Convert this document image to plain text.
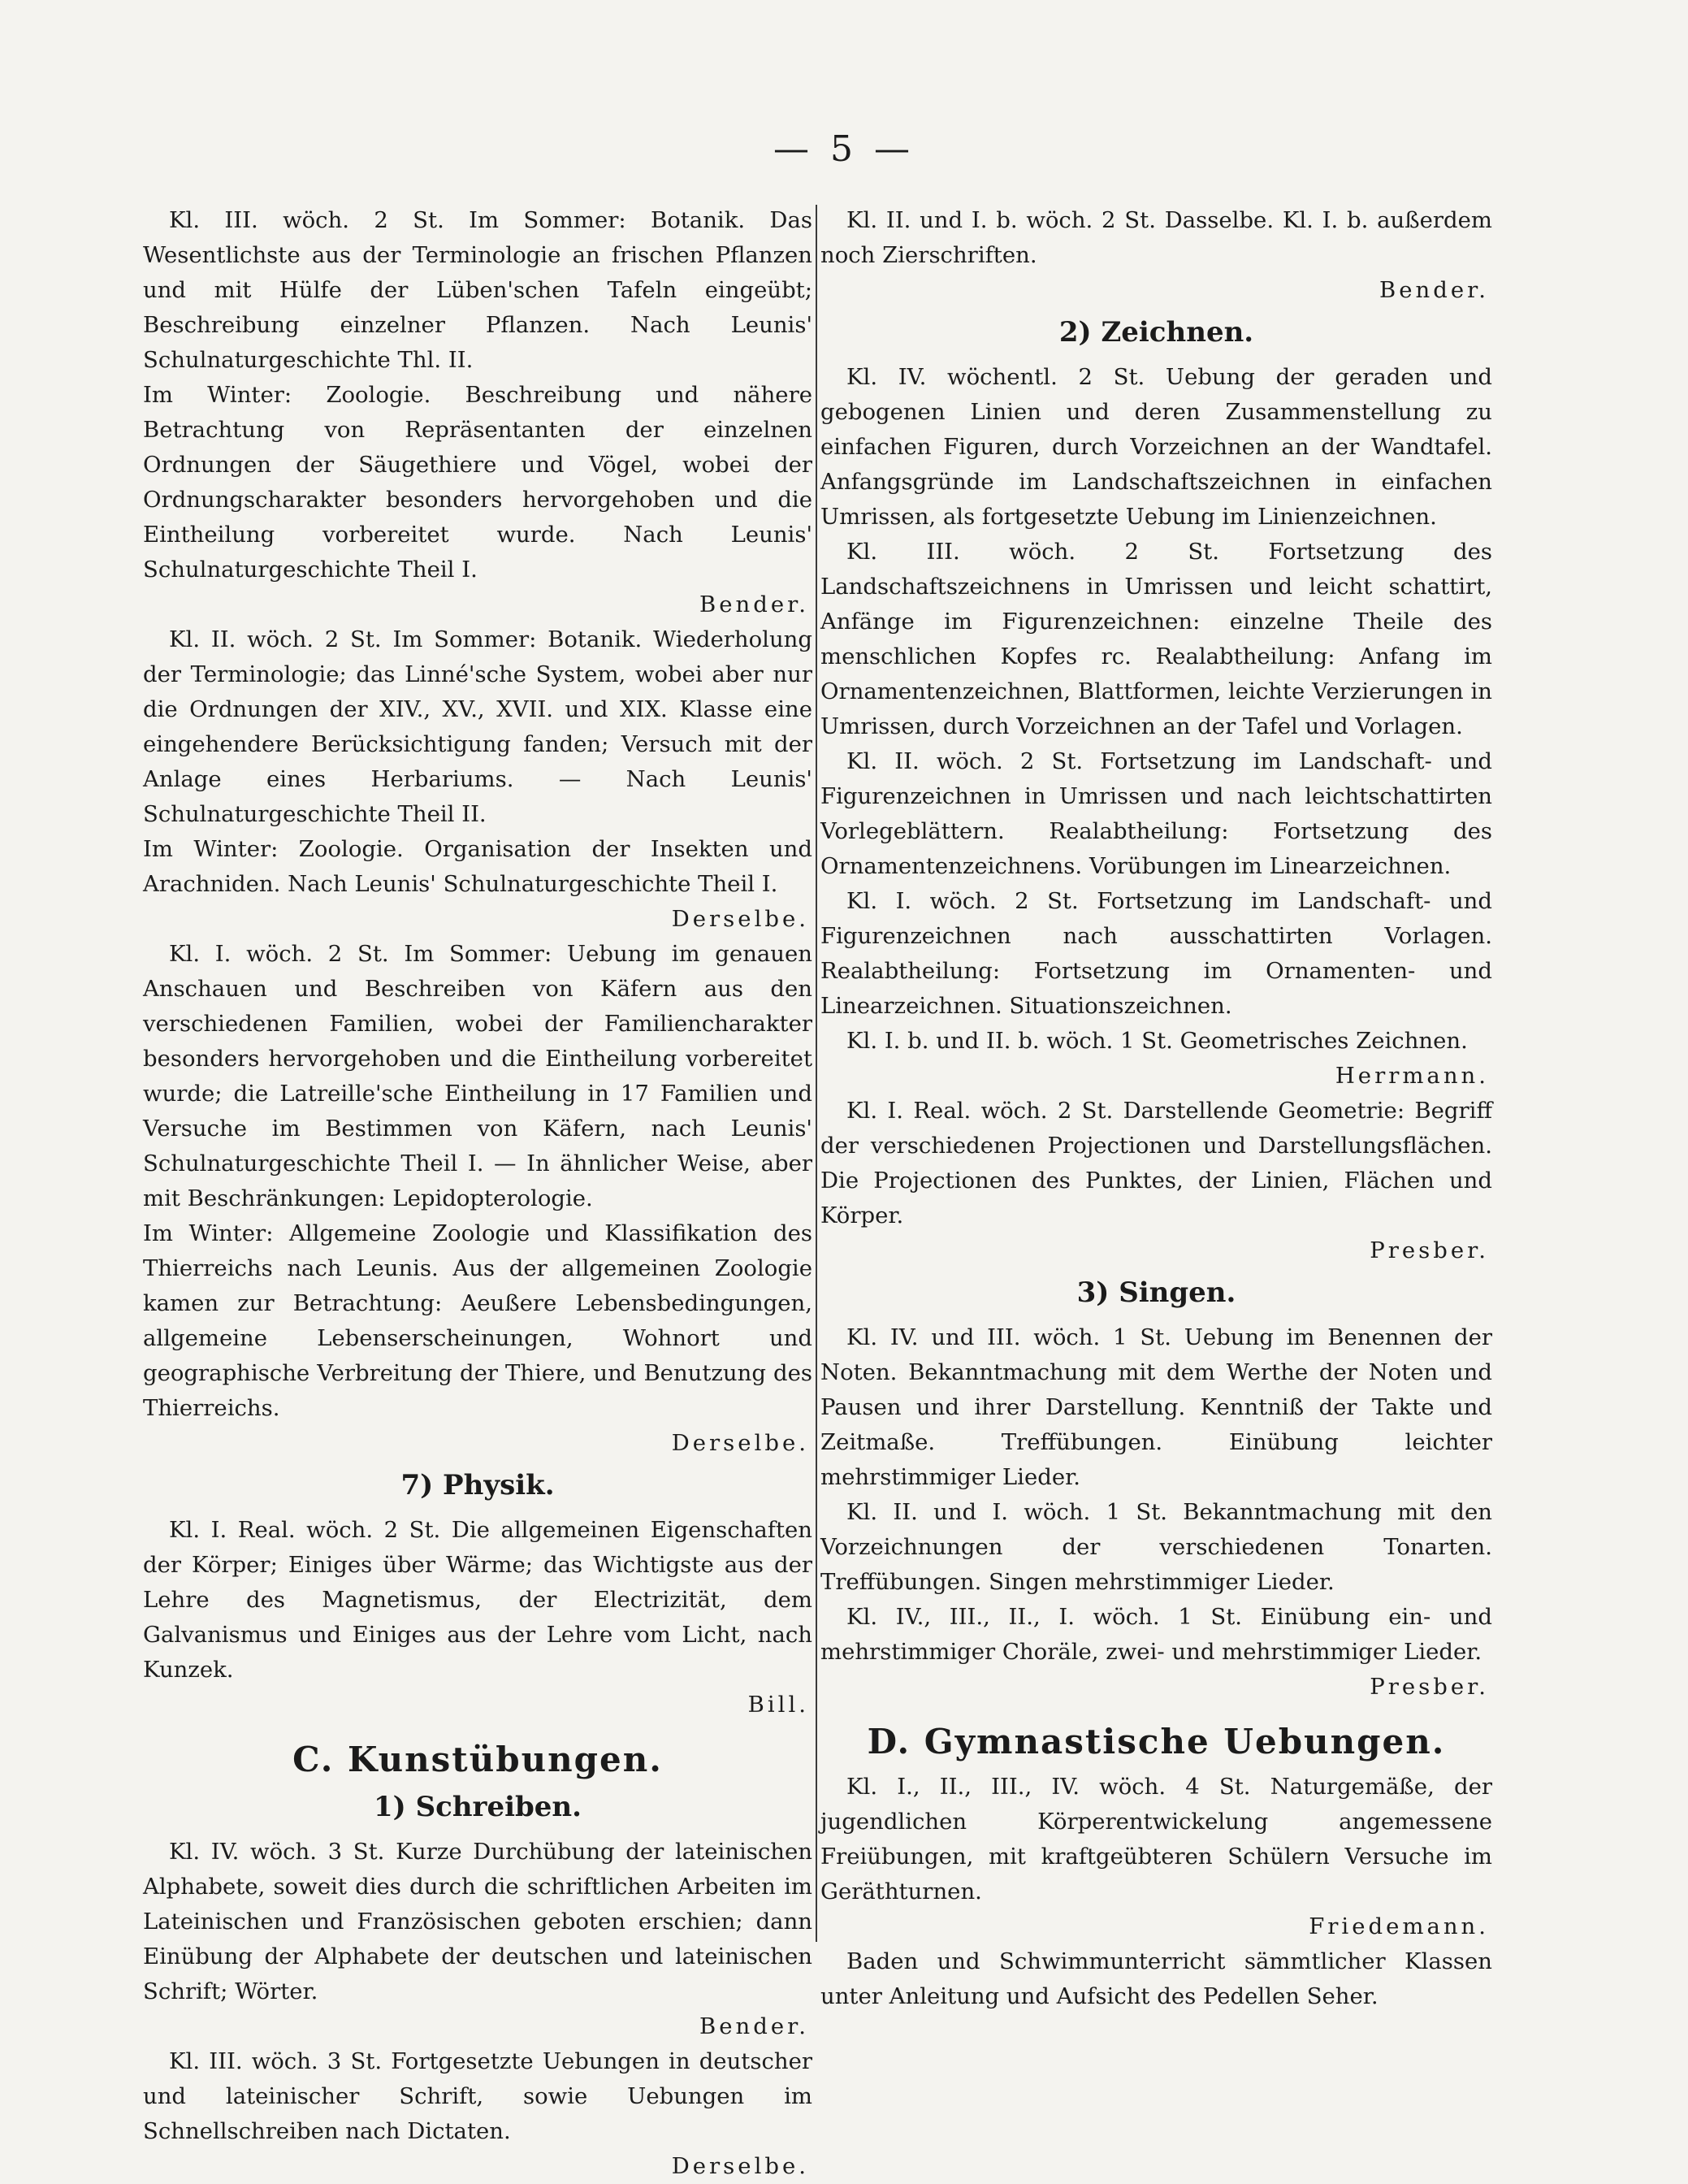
— 5 —

Kl. III. wöch. 2 St. Im Sommer: Botanik. Das Wesentlichste aus der Terminologie an frischen Pflanzen und mit Hülfe der Lüben'schen Tafeln eingeübt; Beschreibung einzelner Pflanzen. Nach Leunis' Schulnaturgeschichte Thl. II.

Im Winter: Zoologie. Beschreibung und nähere Betrachtung von Repräsentanten der einzelnen Ordnungen der Säugethiere und Vögel, wobei der Ordnungscharakter besonders hervorgehoben und die Eintheilung vorbereitet wurde. Nach Leunis' Schulnaturgeschichte Theil I.

Bender.

Kl. II. wöch. 2 St. Im Sommer: Botanik. Wiederholung der Terminologie; das Linné'sche System, wobei aber nur die Ordnungen der XIV., XV., XVII. und XIX. Klasse eine eingehendere Berücksichtigung fanden; Versuch mit der Anlage eines Herbariums. — Nach Leunis' Schulnaturgeschichte Theil II.

Im Winter: Zoologie. Organisation der Insekten und Arachniden. Nach Leunis' Schulnaturgeschichte Theil I.

Derselbe.

Kl. I. wöch. 2 St. Im Sommer: Uebung im genauen Anschauen und Beschreiben von Käfern aus den verschiedenen Familien, wobei der Familiencharakter besonders hervorgehoben und die Eintheilung vorbereitet wurde; die Latreille'sche Eintheilung in 17 Familien und Versuche im Bestimmen von Käfern, nach Leunis' Schulnaturgeschichte Theil I. — In ähnlicher Weise, aber mit Beschränkungen: Lepidopterologie.

Im Winter: Allgemeine Zoologie und Klassifikation des Thierreichs nach Leunis. Aus der allgemeinen Zoologie kamen zur Betrachtung: Aeußere Lebensbedingungen, allgemeine Lebenserscheinungen, Wohnort und geographische Verbreitung der Thiere, und Benutzung des Thierreichs.

Derselbe.

7) Physik.

Kl. I. Real. wöch. 2 St. Die allgemeinen Eigenschaften der Körper; Einiges über Wärme; das Wichtigste aus der Lehre des Magnetismus, der Electrizität, dem Galvanismus und Einiges aus der Lehre vom Licht, nach Kunzek.

Bill.

C. Kunstübungen.
1) Schreiben.

Kl. IV. wöch. 3 St. Kurze Durchübung der lateinischen Alphabete, soweit dies durch die schriftlichen Arbeiten im Lateinischen und Französischen geboten erschien; dann Einübung der Alphabete der deutschen und lateinischen Schrift; Wörter.

Bender.

Kl. III. wöch. 3 St. Fortgesetzte Uebungen in deutscher und lateinischer Schrift, sowie Uebungen im Schnellschreiben nach Dictaten.

Derselbe.

Kl. II. und I. b. wöch. 2 St. Dasselbe. Kl. I. b. außerdem noch Zierschriften.

Bender.

2) Zeichnen.

Kl. IV. wöchentl. 2 St. Uebung der geraden und gebogenen Linien und deren Zusammenstellung zu einfachen Figuren, durch Vorzeichnen an der Wandtafel. Anfangsgründe im Landschaftszeichnen in einfachen Umrissen, als fortgesetzte Uebung im Linienzeichnen.

Kl. III. wöch. 2 St. Fortsetzung des Landschaftszeichnens in Umrissen und leicht schattirt, Anfänge im Figurenzeichnen: einzelne Theile des menschlichen Kopfes rc. Realabtheilung: Anfang im Ornamentenzeichnen, Blattformen, leichte Verzierungen in Umrissen, durch Vorzeichnen an der Tafel und Vorlagen.

Kl. II. wöch. 2 St. Fortsetzung im Landschaft- und Figurenzeichnen in Umrissen und nach leichtschattirten Vorlegeblättern. Realabtheilung: Fortsetzung des Ornamentenzeichnens. Vorübungen im Linearzeichnen.

Kl. I. wöch. 2 St. Fortsetzung im Landschaft- und Figurenzeichnen nach ausschattirten Vorlagen. Realabtheilung: Fortsetzung im Ornamenten- und Linearzeichnen. Situationszeichnen.

Kl. I. b. und II. b. wöch. 1 St. Geometrisches Zeichnen.

Herrmann.

Kl. I. Real. wöch. 2 St. Darstellende Geometrie: Begriff der verschiedenen Projectionen und Darstellungsflächen. Die Projectionen des Punktes, der Linien, Flächen und Körper.

Presber.

3) Singen.

Kl. IV. und III. wöch. 1 St. Uebung im Benennen der Noten. Bekanntmachung mit dem Werthe der Noten und Pausen und ihrer Darstellung. Kenntniß der Takte und Zeitmaße. Treffübungen. Einübung leichter mehrstimmiger Lieder.

Kl. II. und I. wöch. 1 St. Bekanntmachung mit den Vorzeichnungen der verschiedenen Tonarten. Treffübungen. Singen mehrstimmiger Lieder.

Kl. IV., III., II., I. wöch. 1 St. Einübung ein- und mehrstimmiger Choräle, zwei- und mehrstimmiger Lieder.

Presber.

D. Gymnastische Uebungen.

Kl. I., II., III., IV. wöch. 4 St. Naturgemäße, der jugendlichen Körperentwickelung angemessene Freiübungen, mit kraftgeübteren Schülern Versuche im Geräthturnen.

Friedemann.

Baden und Schwimmunterricht sämmtlicher Klassen unter Anleitung und Aufsicht des Pedellen Seher.
